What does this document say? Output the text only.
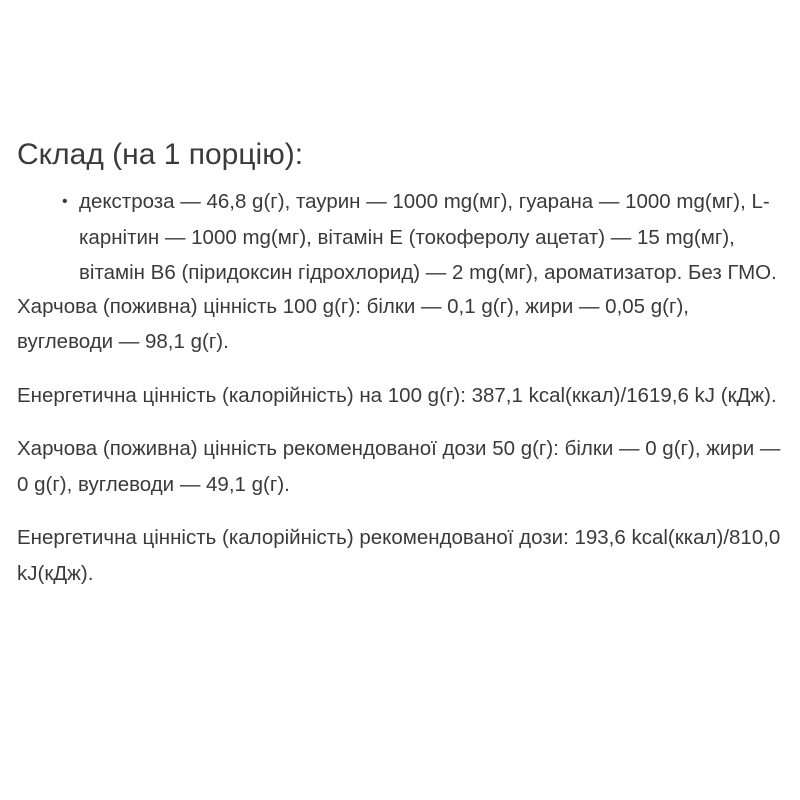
Склад (на 1 порцію):
• декстроза — 46,8 g(г), таурин — 1000 mg(мг), гуарана — 1000 mg(мг), L-карнітин — 1000 mg(мг), вітамін Е (токоферолу ацетат) — 15 mg(мг), вітамін В6 (піридоксин гідрохлорид) — 2 mg(мг), ароматизатор. Без ГМО.

Харчова (поживна) цінність 100 g(г): білки — 0,1 g(г), жири — 0,05 g(г), вуглеводи — 98,1 g(г).

Енергетична цінність (калорійність) на 100 g(г): 387,1 kcal(ккал)/1619,6 kJ (кДж).

Харчова (поживна) цінність рекомендованої дози 50 g(г): білки — 0 g(г), жири — 0 g(г), вуглеводи — 49,1 g(г).

Енергетична цінність (калорійність) рекомендованої дози: 193,6 kcal(ккал)/810,0 kJ(кДж).
